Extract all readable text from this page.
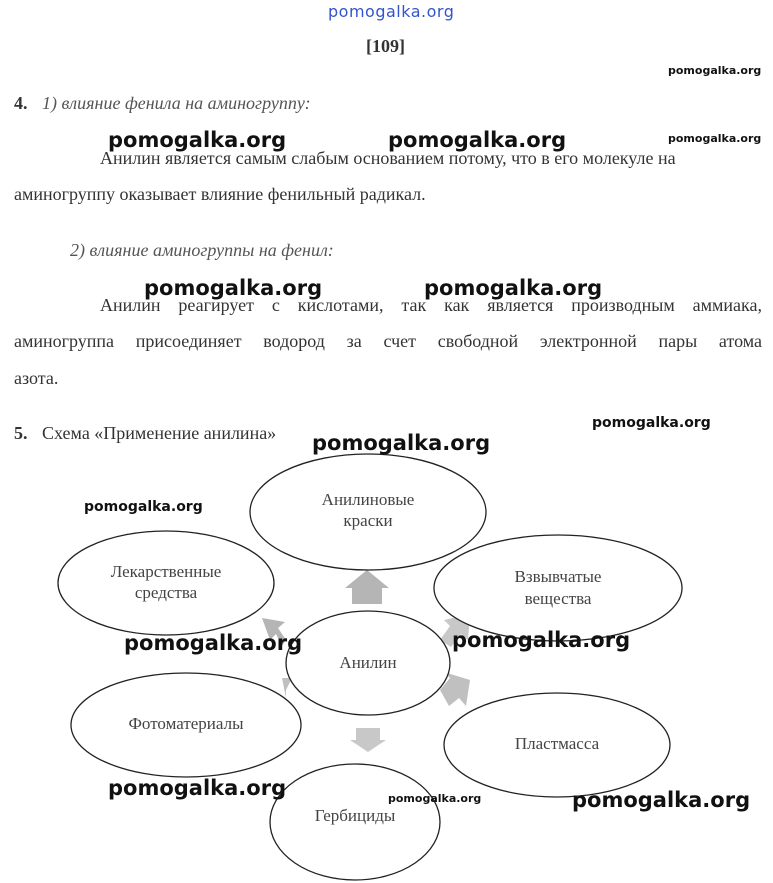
pomogalka.org
[109]
4. 1) влияние фенила на аминогруппу:
Анилин является самым слабым основанием потому, что в его молекуле на
аминогруппу оказывает влияние фенильный радикал.
2) влияние аминогруппы на фенил:
Анилин реагирует с кислотами, так как является производным аммиака,
аминогруппа присоединяет водород за счет свободной электронной пары атома
азота.
5. Схема «Применение анилина»
Анилиновые
краски
Взвывчатые
вещества
Анилин
Пластмасса
Гербициды
Фотоматериалы
Лекарственные
средства
pomogalka.org
pomogalka.org	pomogalka.org	pomogalka.org
pomogalka.org	pomogalka.org
pomogalka.org
pomogalka.org
pomogalka.org
pomogalka.org	pomogalka.org
pomogalka.org	pomogalka.org	pomogalka.org
